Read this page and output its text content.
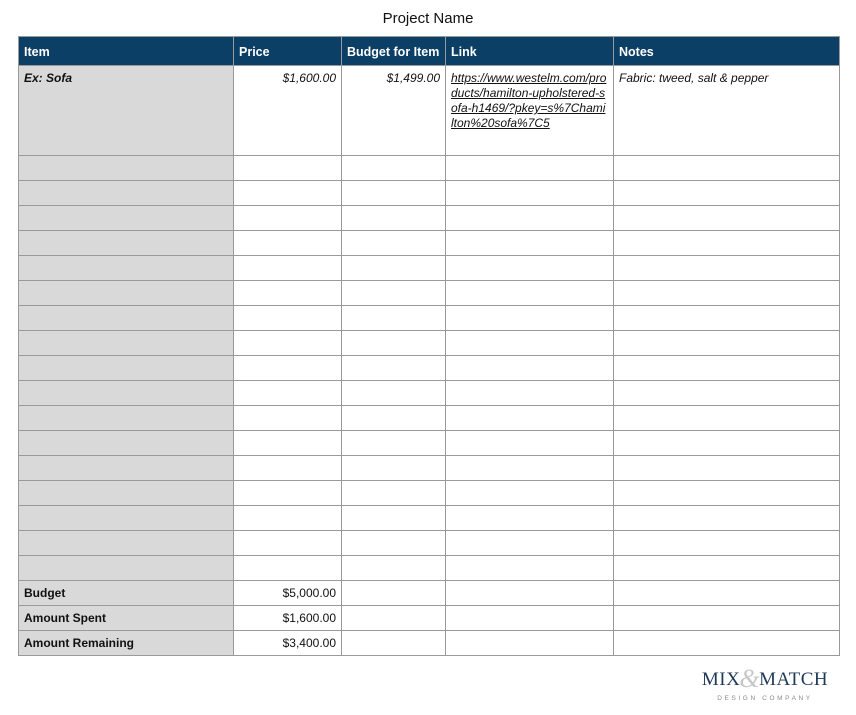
Project Name
Item	Price	Budget for Item	Link	Notes
Ex: Sofa	$1,600.00	$1,499.00	https://www.westelm.com/products/hamilton-upholstered-sofa-h1469/?pkey=s%7Chamilton%20sofa%7C5	Fabric: tweed, salt & pepper

Budget	$5,000.00			
Amount Spent	$1,600.00			
Amount Remaining	$3,400.00			
MIX&MATCH
DESIGN COMPANY
